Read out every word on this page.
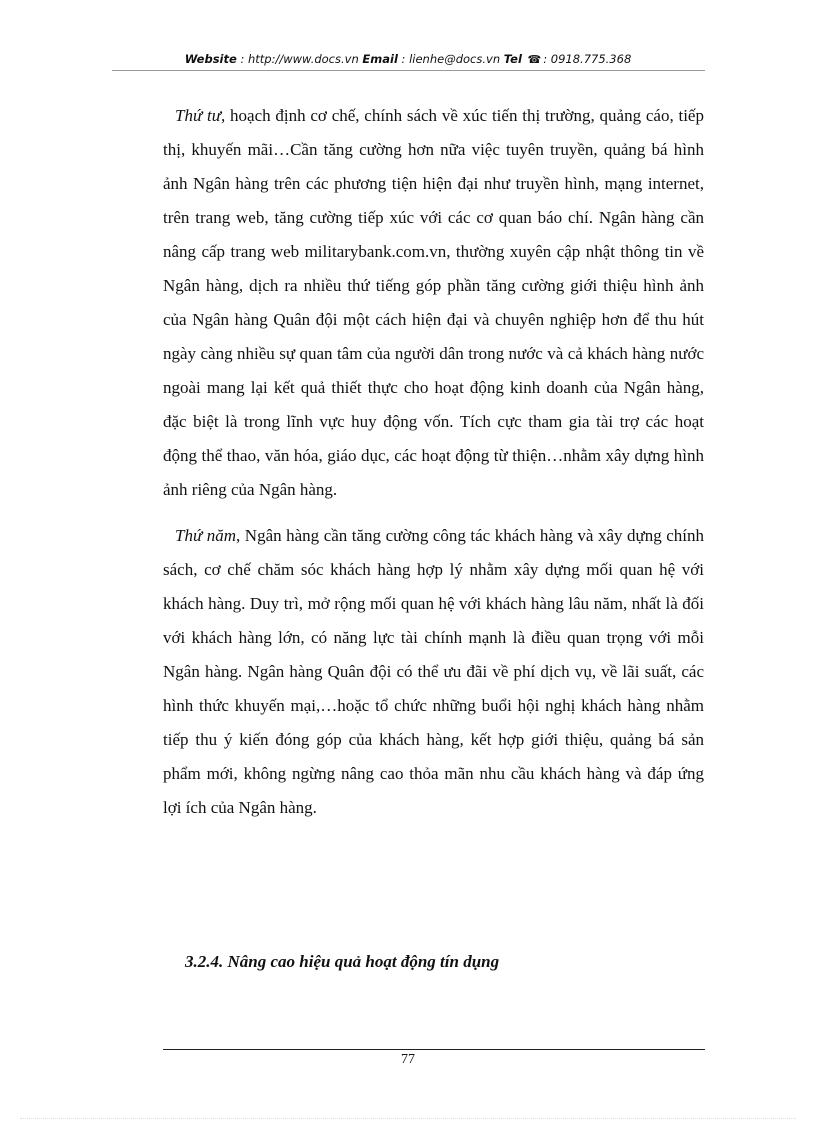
Website : http://www.docs.vn Email : lienhe@docs.vn Tel ☎ : 0918.775.368

Thứ tư, hoạch định cơ chế, chính sách về xúc tiến thị trường, quảng cáo, tiếp thị, khuyến mãi…Cần tăng cường hơn nữa việc tuyên truyền, quảng bá hình ảnh Ngân hàng trên các phương tiện hiện đại như truyền hình, mạng internet, trên trang web, tăng cường tiếp xúc với các cơ quan báo chí. Ngân hàng cần nâng cấp trang web militarybank.com.vn, thường xuyên cập nhật thông tin về Ngân hàng, dịch ra nhiều thứ tiếng góp phần tăng cường giới thiệu hình ảnh của Ngân hàng Quân đội một cách hiện đại và chuyên nghiệp hơn để thu hút ngày càng nhiều sự quan tâm của người dân trong nước và cả khách hàng nước ngoài mang lại kết quả thiết thực cho hoạt động kinh doanh của Ngân hàng, đặc biệt là trong lĩnh vực huy động vốn. Tích cực tham gia tài trợ các hoạt động thể thao, văn hóa, giáo dục, các hoạt động từ thiện…nhằm xây dựng hình ảnh riêng của Ngân hàng.

Thứ năm, Ngân hàng cần tăng cường công tác khách hàng và xây dựng chính sách, cơ chế chăm sóc khách hàng hợp lý nhằm xây dựng mối quan hệ với khách hàng. Duy trì, mở rộng mối quan hệ với khách hàng lâu năm, nhất là đối với khách hàng lớn, có năng lực tài chính mạnh là điều quan trọng với mỗi Ngân hàng. Ngân hàng Quân đội có thể ưu đãi về phí dịch vụ, về lãi suất, các hình thức khuyến mại,…hoặc tổ chức những buổi hội nghị khách hàng nhằm tiếp thu ý kiến đóng góp của khách hàng, kết hợp giới thiệu, quảng bá sản phẩm mới, không ngừng nâng cao thỏa mãn nhu cầu khách hàng và đáp ứng lợi ích của Ngân hàng.

3.2.4. Nâng cao hiệu quả hoạt động tín dụng
77
